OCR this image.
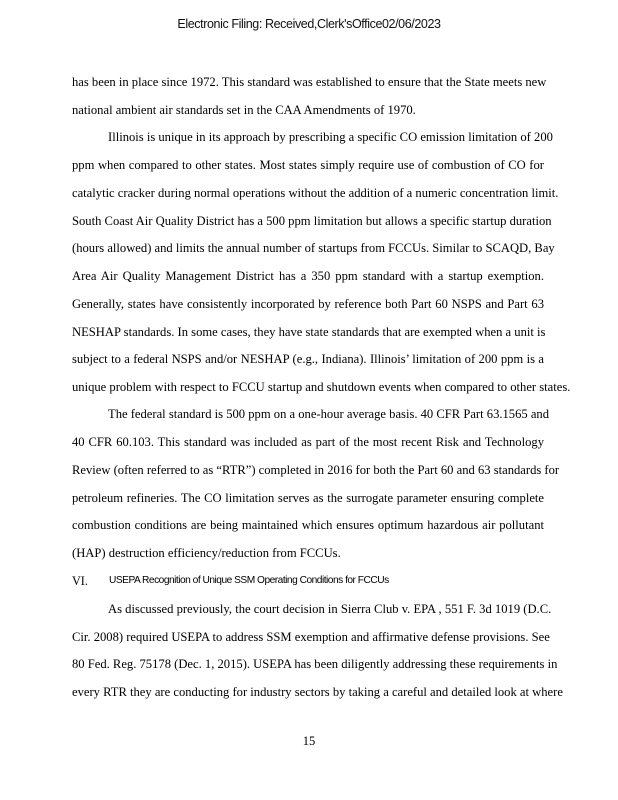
Electronic Filing: Received,Clerk'sOffice02/06/2023
has been in place since 1972. This standard was established to ensure that the State meets new
national ambient air standards set in the CAA Amendments of 1970.
Illinois is unique in its approach by prescribing a specific CO emission limitation of 200
ppm when compared to other states. Most states simply require use of combustion of CO for
catalytic cracker during normal operations without the addition of a numeric concentration limit.
South Coast Air Quality District has a 500 ppm limitation but allows a specific startup duration
(hours allowed) and limits the annual number of startups from FCCUs. Similar to SCAQD, Bay
Area Air Quality Management District has a 350 ppm standard with a startup exemption.
Generally, states have consistently incorporated by reference both Part 60 NSPS and Part 63
NESHAP standards. In some cases, they have state standards that are exempted when a unit is
subject to a federal NSPS and/or NESHAP (e.g., Indiana). Illinois’ limitation of 200 ppm is a
unique problem with respect to FCCU startup and shutdown events when compared to other states.
The federal standard is 500 ppm on a one-hour average basis. 40 CFR Part 63.1565 and
40 CFR 60.103. This standard was included as part of the most recent Risk and Technology
Review (often referred to as “RTR”) completed in 2016 for both the Part 60 and 63 standards for
petroleum refineries. The CO limitation serves as the surrogate parameter ensuring complete
combustion conditions are being maintained which ensures optimum hazardous air pollutant
(HAP) destruction efficiency/reduction from FCCUs.
VI. USEPA Recognition of Unique SSM Operating Conditions for FCCUs
As discussed previously, the court decision in Sierra Club v. EPA , 551 F. 3d 1019 (D.C.
Cir. 2008) required USEPA to address SSM exemption and affirmative defense provisions. See
80 Fed. Reg. 75178 (Dec. 1, 2015). USEPA has been diligently addressing these requirements in
every RTR they are conducting for industry sectors by taking a careful and detailed look at where
15
